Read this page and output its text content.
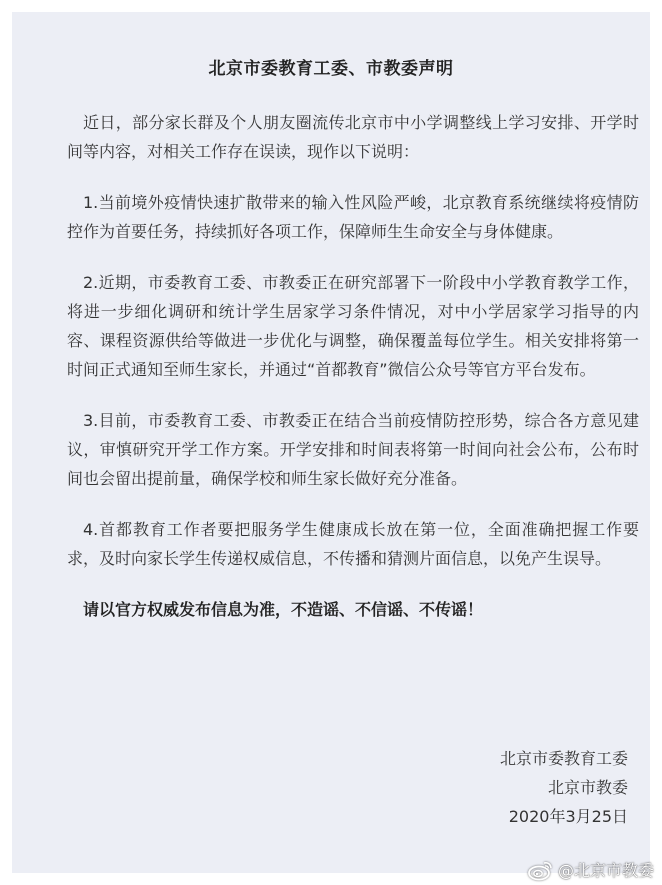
北京市委教育工委、市教委声明

近日，部分家长群及个人朋友圈流传北京市中小学调整线上学习安排、开学时间等内容，对相关工作存在误读，现作以下说明：

1.当前境外疫情快速扩散带来的输入性风险严峻，北京教育系统继续将疫情防控作为首要任务，持续抓好各项工作，保障师生生命安全与身体健康。

2.近期，市委教育工委、市教委正在研究部署下一阶段中小学教育教学工作，将进一步细化调研和统计学生居家学习条件情况，对中小学居家学习指导的内容、课程资源供给等做进一步优化与调整，确保覆盖每位学生。相关安排将第一时间正式通知至师生家长，并通过“首都教育”微信公众号等官方平台发布。

3.目前，市委教育工委、市教委正在结合当前疫情防控形势，综合各方意见建议，审慎研究开学工作方案。开学安排和时间表将第一时间向社会公布，公布时间也会留出提前量，确保学校和师生家长做好充分准备。

4.首都教育工作者要把服务学生健康成长放在第一位，全面准确把握工作要求，及时向家长学生传递权威信息，不传播和猜测片面信息，以免产生误导。

请以官方权威发布信息为准，不造谣、不信谣、不传谣！

北京市委教育工委
北京市教委
2020年3月25日
@北京市教委
